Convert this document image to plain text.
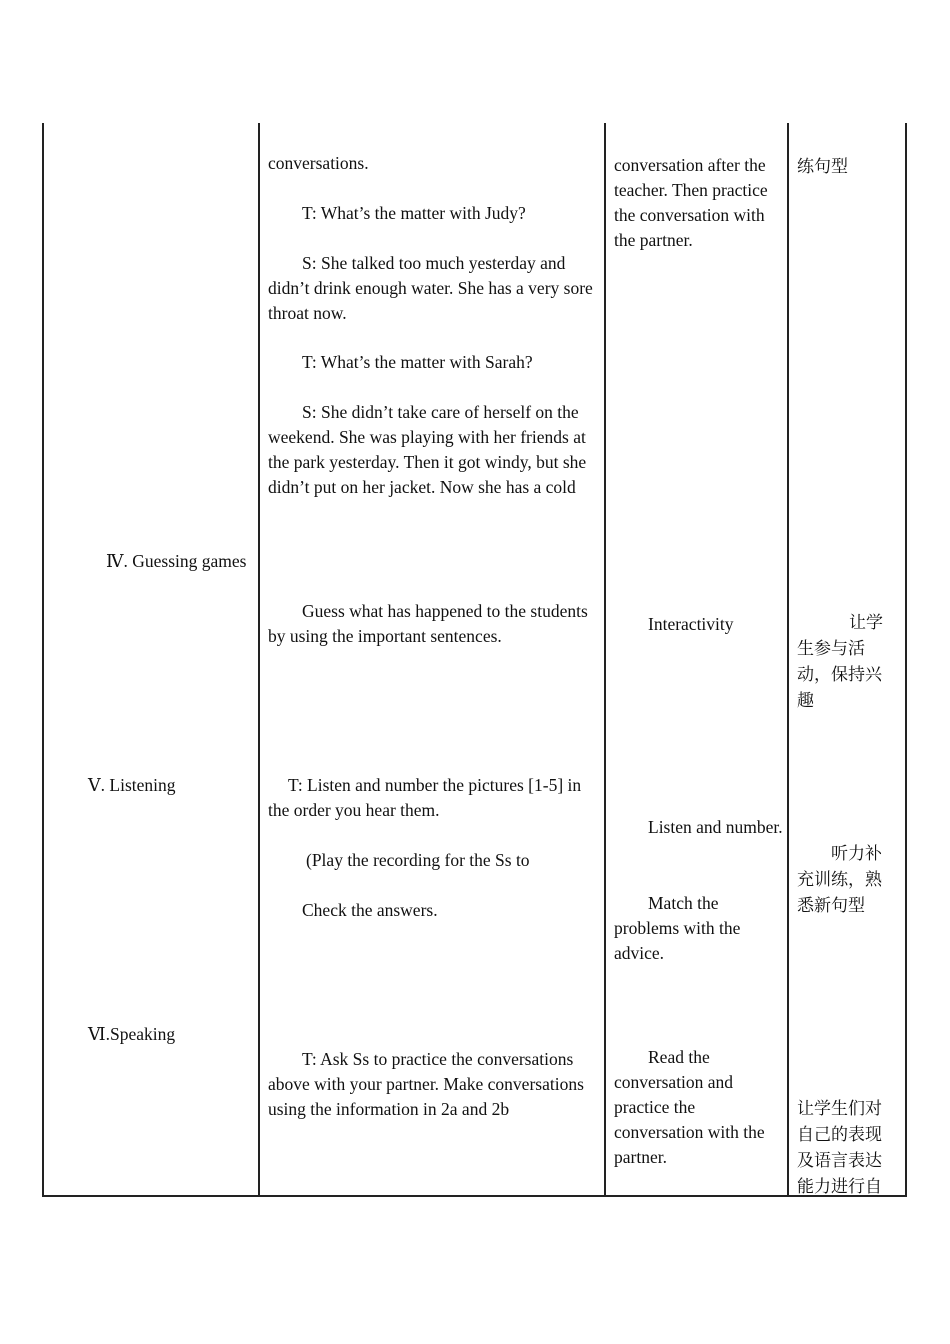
Ⅳ. Guessing games
Ⅴ. Listening
Ⅵ.Speaking

conversations.

T: What’s the matter with Judy?

S: She talked too much yesterday and didn’t drink enough water. She has a very sore throat now.

T: What’s the matter with Sarah?

S: She didn’t take care of herself on the weekend. She was playing with her friends at the park yesterday. Then it got windy, but she didn’t put on her jacket. Now she has a cold

Guess what has happened to the students by using the important sentences.

T: Listen and number the pictures [1-5] in the order you hear them.

(Play the recording for the Ss to

Check the answers.

T: Ask Ss to practice the conversations above with your partner. Make conversations using the information in 2a and 2b

conversation after the teacher. Then practice the conversation with the partner.

Interactivity

Listen and number.

Match the problems with the advice.

Read the conversation and practice the conversation with the partner.

练句型

让学生参与活动，保持兴趣

听力补充训练，熟悉新句型

让学生们对自己的表现及语言表达能力进行自
